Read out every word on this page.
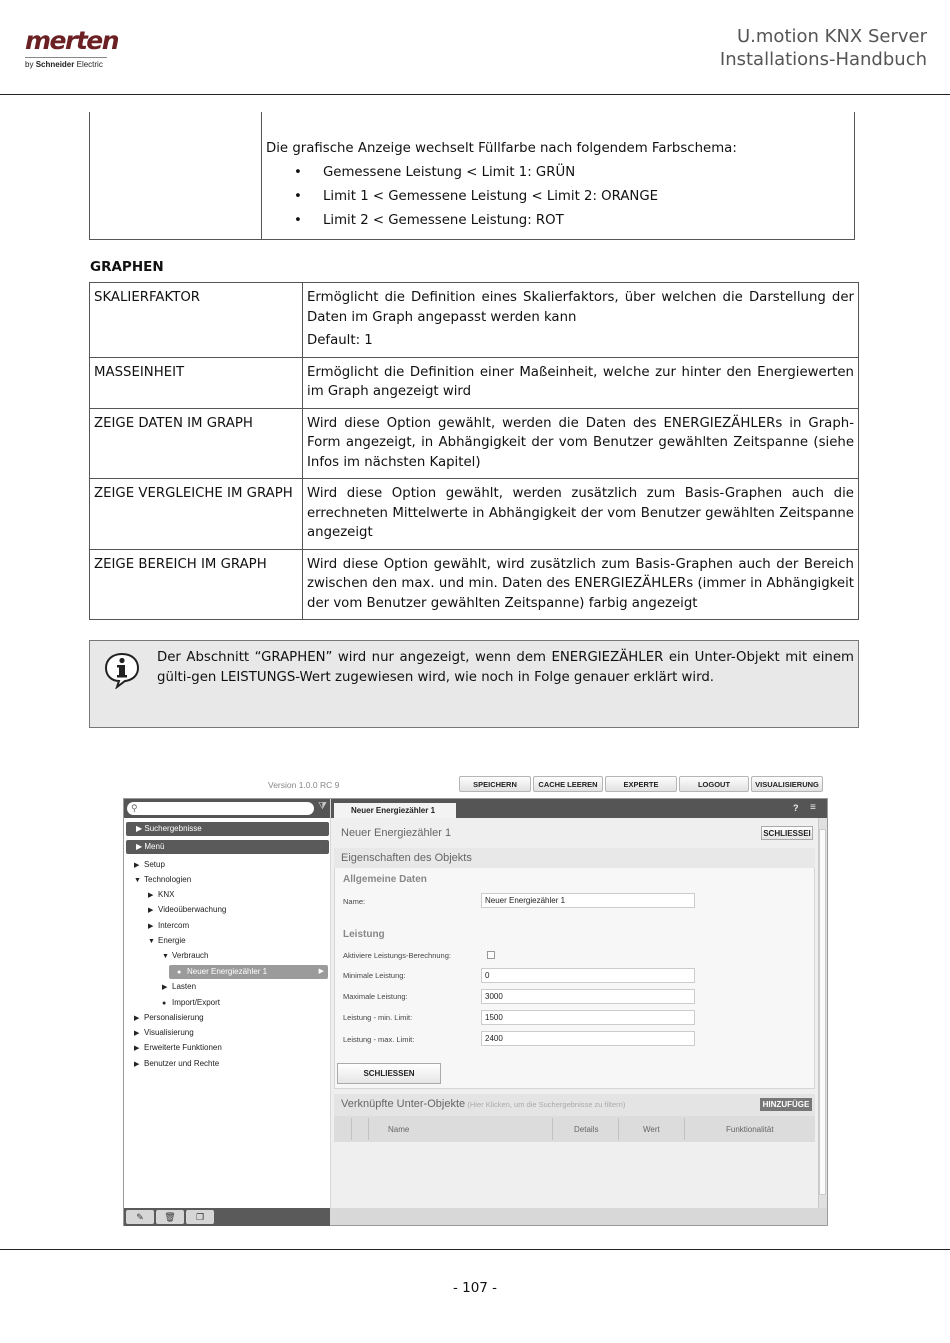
merten
by Schneider Electric
U.motion KNX Server
Installations-Handbuch

Die grafische Anzeige wechselt Füllfarbe nach folgendem Farbschema:
• Gemessene Leistung < Limit 1: GRÜN
• Limit 1 < Gemessene Leistung < Limit 2: ORANGE
• Limit 2 < Gemessene Leistung: ROT
GRAPHEN
SKALIERFAKTOR	Ermöglicht die Definition eines Skalierfaktors, über welchen die Darstellung der Daten im Graph angepasst werden kann
Default: 1

MASSEINHEIT	Ermöglicht die Definition einer Maßeinheit, welche zur hinter den Energiewerten im Graph angezeigt wird
ZEIGE DATEN IM GRAPH	Wird diese Option gewählt, werden die Daten des ENERGIEZÄHLERs in Graph-Form angezeigt, in Abhängigkeit der vom Benutzer gewählten Zeitspanne (siehe Infos im nächsten Kapitel)
ZEIGE VERGLEICHE IM GRAPH	Wird diese Option gewählt, werden zusätzlich zum Basis-Graphen auch die errechneten Mittelwerte in Abhängigkeit der vom Benutzer gewählten Zeitspanne angezeigt
ZEIGE BEREICH IM GRAPH	Wird diese Option gewählt, wird zusätzlich zum Basis-Graphen auch der Bereich zwischen den max. und min. Daten des ENERGIEZÄHLERs (immer in Abhängigkeit der vom Benutzer gewählten Zeitspanne) farbig angezeigt
Der Abschnitt “GRAPHEN” wird nur angezeigt, wenn dem ENERGIEZÄHLER ein Unter-Objekt mit einem gülti-gen LEISTUNGS-Wert zugewiesen wird, wie noch in Folge genauer erklärt wird.
Version 1.0.0 RC 9	SPEICHERN	CACHE LEEREN	EXPERTE	LOGOUT	VISUALISIERUNG
⚲	⧩
▶ Suchergebnisse
▶ Menü
▶ Setup
▼ Technologien
▶ KNX
▶ Videoüberwachung
▶ Intercom
▼ Energie
▼ Verbrauch
● Neuer Energiezähler 1	▶
▶ Lasten
● Import/Export
▶ Personalisierung
▶ Visualisierung
▶ Erweiterte Funktionen
▶ Benutzer und Rechte
✎	🗑	❐
Neuer Energiezähler 1	? ≡
Neuer Energiezähler 1	SCHLIESSEI
Eigenschaften des Objekts
Allgemeine Daten
Name:	Neuer Energiezähler 1
Leistung
Aktiviere Leistungs-Berechnung:
Minimale Leistung:	0
Maximale Leistung:	3000
Leistung - min. Limit:	1500
Leistung - max. Limit:	2400
SCHLIESSEN
Verknüpfte Unter-Objekte (Hier Klicken, um die Suchergebnisse zu filtern)	HINZUFÜGE
Name	Details	Wert	Funktionalität
- 107 -
